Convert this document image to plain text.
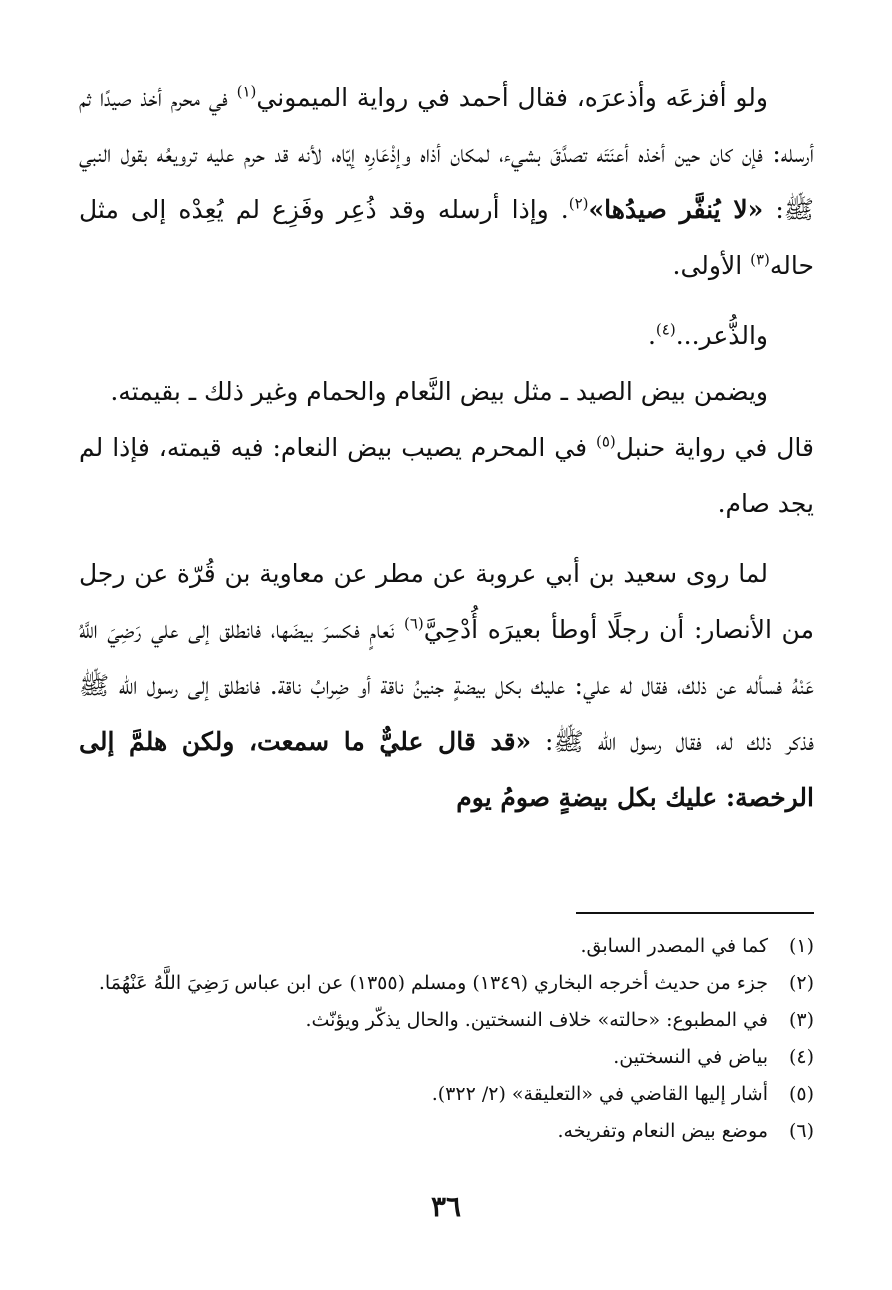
ولو أفزعَه وأذعرَه، فقال أحمد في رواية الميموني$^{(١)}$ في محرم أخذ صيدًا ثم أرسله: فإن كان حين أخذه أعنَتَه تصدَّقَ بشيء، لمكان أذاه وإذْعَارِه إيّاه، لأنه قد حرم عليه ترويعُه بقول النبي ﷺ: «لا يُنفَّر صيدُها»$^{(٢)}$. وإذا أرسله وقد ذُعِر وفَزِع لم يُعِدْه إلى مثل حاله$^{(٣)}$ الأولى.

والذُّعر...$^{(٤)}$.

ويضمن بيض الصيد ـ مثل بيض النَّعام والحمام وغير ذلك ـ بقيمته.

قال في رواية حنبل$^{(٥)}$ في المحرم يصيب بيض النعام: فيه قيمته، فإذا لم يجد صام.

لما روى سعيد بن أبي عروبة عن مطر عن معاوية بن قُرّة عن رجل من الأنصار: أن رجلًا أوطأ بعيرَه أُدْحِيَّ$^{(٦)}$ نَعامٍ فكسرَ بيضَها، فانطلق إلى علي رَضِيَ اللَّهُ عَنْهُ فسأله عن ذلك، فقال له علي: عليك بكل بيضةٍ جنينُ ناقة أو ضِرابُ ناقة. فانطلق إلى رسول الله ﷺ فذكر ذلك له، فقال رسول الله ﷺ: «قد قال عليٌّ ما سمعت، ولكن هلمَّ إلى الرخصة: عليك بكل بيضةٍ صومُ يوم

(١)
كما في المصدر السابق.
(٢)
جزء من حديث أخرجه البخاري (١٣٤٩) ومسلم (١٣٥٥) عن ابن عباس رَضِيَ اللَّهُ عَنْهُمَا.
(٣)
في المطبوع: «حالته» خلاف النسختين. والحال يذكّر ويؤنّث.
(٤)
بياض في النسختين.
(٥)
أشار إليها القاضي في «التعليقة» (٢/ ٣٢٢).
(٦)
موضع بيض النعام وتفريخه.
٣٦
